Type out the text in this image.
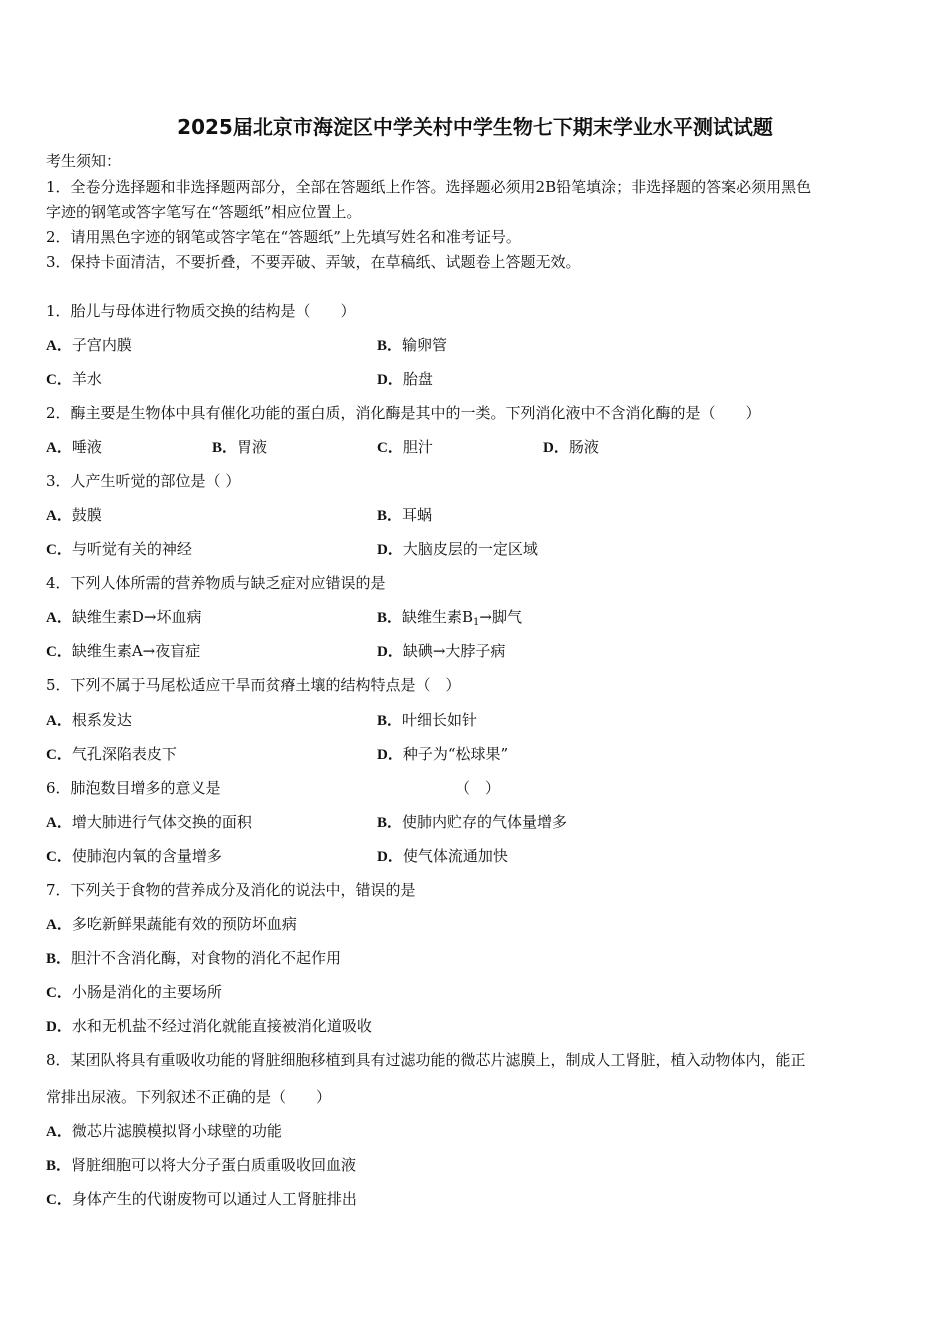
2025届北京市海淀区中学关村中学生物七下期末学业水平测试试题
考生须知：
1．全卷分选择题和非选择题两部分，全部在答题纸上作答。选择题必须用2B铅笔填涂；非选择题的答案必须用黑色
字迹的钢笔或答字笔写在“答题纸”相应位置上。
2．请用黑色字迹的钢笔或答字笔在“答题纸”上先填写姓名和准考证号。
3．保持卡面清洁，不要折叠，不要弄破、弄皱，在草稿纸、试题卷上答题无效。
1．胎儿与母体进行物质交换的结构是（　　）
A．子宫内膜	B．输卵管
C．羊水	D．胎盘
2．酶主要是生物体中具有催化功能的蛋白质，消化酶是其中的一类。下列消化液中不含消化酶的是（　　）
A．唾液	B．胃液	C．胆汁	D．肠液
3．人产生听觉的部位是（ ）
A．鼓膜	B．耳蜗
C．与听觉有关的神经	D．大脑皮层的一定区域
4．下列人体所需的营养物质与缺乏症对应错误的是
A．缺维生素D→坏血病	B．缺维生素$B_1\to$脚气
C．缺维生素A→夜盲症	D．缺碘→大脖子病
5．下列不属于马尾松适应干旱而贫瘠土壤的结构特点是（　）
A．根系发达	B．叶细长如针
C．气孔深陷表皮下	D．种子为“松球果”
6．肺泡数目增多的意义是	（　）
A．增大肺进行气体交换的面积	B．使肺内贮存的气体量增多
C．使肺泡内氧的含量增多	D．使气体流通加快
7．下列关于食物的营养成分及消化的说法中，错误的是
A．多吃新鲜果蔬能有效的预防坏血病
B．胆汁不含消化酶，对食物的消化不起作用
C．小肠是消化的主要场所
D．水和无机盐不经过消化就能直接被消化道吸收
8．某团队将具有重吸收功能的肾脏细胞移植到具有过滤功能的微芯片滤膜上，制成人工肾脏，植入动物体内，能正
常排出尿液。下列叙述不正确的是（　　）
A．微芯片滤膜模拟肾小球壁的功能
B．肾脏细胞可以将大分子蛋白质重吸收回血液
C．身体产生的代谢废物可以通过人工肾脏排出
